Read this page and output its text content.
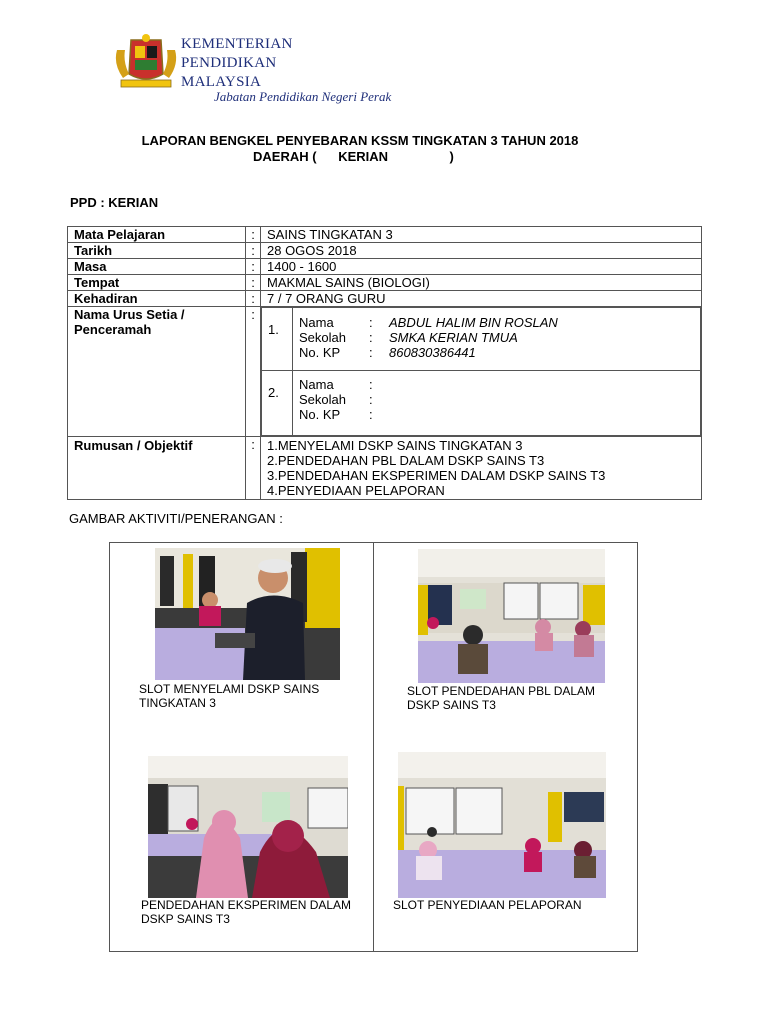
KEMENTERIAN
PENDIDIKAN
MALAYSIA
Jabatan Pendidikan Negeri Perak
LAPORAN BENGKEL PENYEBARAN KSSM TINGKATAN 3 TAHUN 2018
DAERAH (      KERIAN                 )
PPD : KERIAN
Mata Pelajaran	:	SAINS TINGKATAN 3
Tarikh	:	28 OGOS 2018
Masa	:	1400 - 1600
Tempat	:	MAKMAL SAINS (BIOLOGI)
Kehadiran	:	7 / 7 ORANG GURU
Nama Urus Setia / Penceramah	:	
1.	Nama	:	ABDUL HALIM BIN ROSLAN
Sekolah	:	SMKA KERIAN TMUA
No. KP	:	860830386441

2.	
Nama	:
Sekolah	:
No. KP	:

Rumusan / Objektif	:	1.MENYELAMI DSKP SAINS TINGKATAN 3
2.PENDEDAHAN PBL DALAM DSKP SAINS T3
3.PENDEDAHAN EKSPERIMEN DALAM DSKP SAINS T3
4.PENYEDIAAN PELAPORAN
GAMBAR AKTIVITI/PENERANGAN :
SLOT MENYELAMI DSKP SAINS TINGKATAN 3
SLOT PENDEDAHAN PBL DALAM DSKP SAINS T3
PENDEDAHAN EKSPERIMEN DALAM DSKP SAINS T3
SLOT PENYEDIAAN PELAPORAN
